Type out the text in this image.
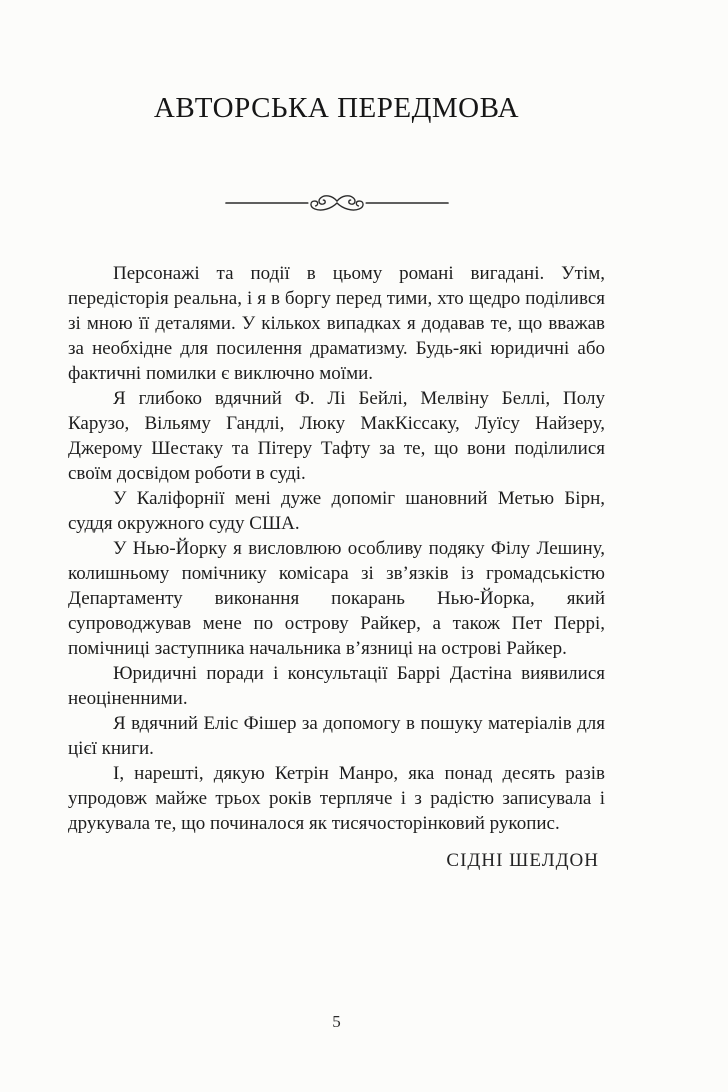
АВТОРСЬКА ПЕРЕДМОВА

Персонажі та події в цьому романі вигадані. Утім, передісторія реальна, і я в боргу перед тими, хто щедро поділився зі мною її деталями. У кількох випадках я додавав те, що вважав за необхідне для посилення драматизму. Будь-які юридичні або фактичні помилки є виключно моїми.

Я глибоко вдячний Ф. Лі Бейлі, Мелвіну Беллі, Полу Карузо, Вільяму Гандлі, Люку МакКіссаку, Луїсу Найзеру, Джерому Шестаку та Пітеру Тафту за те, що вони поділилися своїм досвідом роботи в суді.

У Каліфорнії мені дуже допоміг шановний Метью Бірн, суддя окружного суду США.

У Нью-Йорку я висловлюю особливу подяку Філу Лешину, колишньому помічнику комісара зі зв’язків із громадськістю Департаменту виконання покарань Нью-Йорка, який супроводжував мене по острову Райкер, а також Пет Перрі, помічниці заступника начальника в’язниці на острові Райкер.

Юридичні поради і консультації Баррі Дастіна виявилися неоціненними.

Я вдячний Еліс Фішер за допомогу в пошуку матеріалів для цієї книги.

І, нарешті, дякую Кетрін Манро, яка понад десять разів упродовж майже трьох років терпляче і з радістю записувала і друкувала те, що починалося як тисячосторінковий рукопис.

СІДНІ ШЕЛДОН
5
